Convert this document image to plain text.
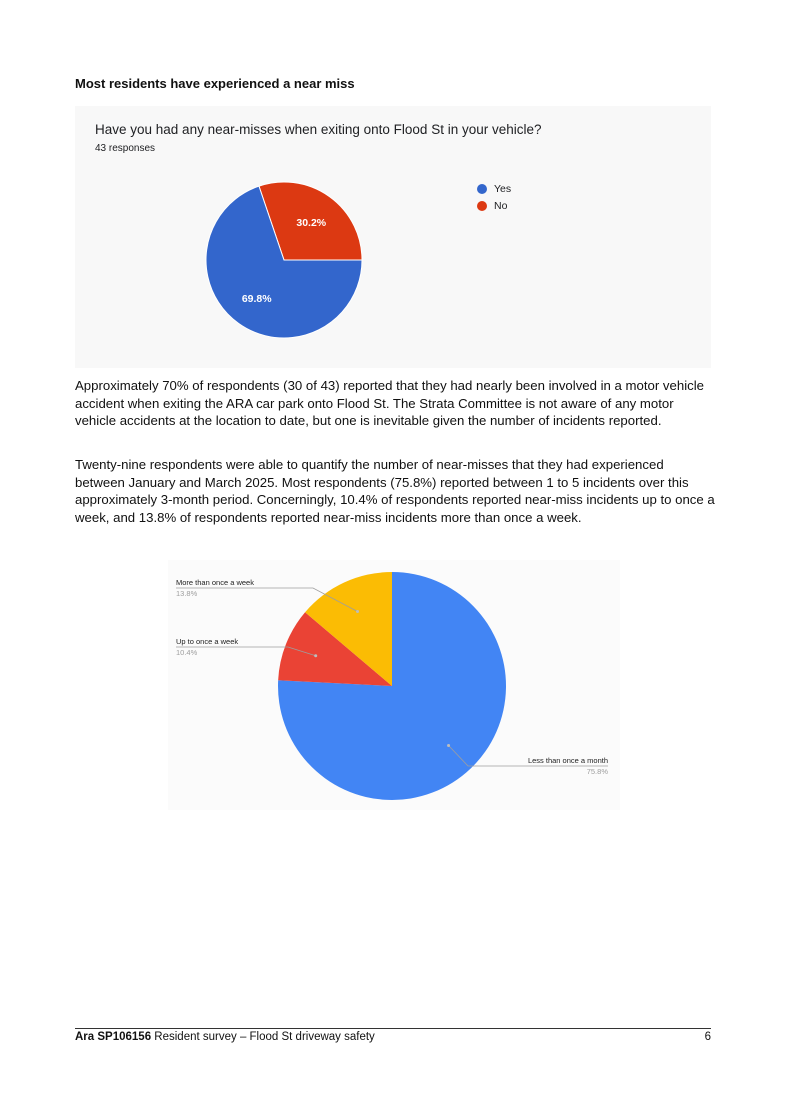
Most residents have experienced a near miss
Have you had any near-misses when exiting onto Flood St in your vehicle?
43 responses
30.2%
69.8%
Yes
No
Approximately 70% of respondents (30 of 43) reported that they had nearly been involved in a motor vehicle accident when exiting the ARA car park onto Flood St. The Strata Committee is not aware of any motor vehicle accidents at the location to date, but one is inevitable given the number of incidents reported.
Twenty-nine respondents were able to quantify the number of near-misses that they had experienced between January and March 2025. Most respondents (75.8%) reported between 1 to 5 incidents over this approximately 3-month period. Concerningly, 10.4% of respondents reported near-miss incidents up to once a week, and 13.8% of respondents reported near-miss incidents more than once a week.
Less than once a month
75.8%
Up to once a week
10.4%
More than once a week
13.8%
Ara SP106156 Resident survey – Flood St driveway safety	6
